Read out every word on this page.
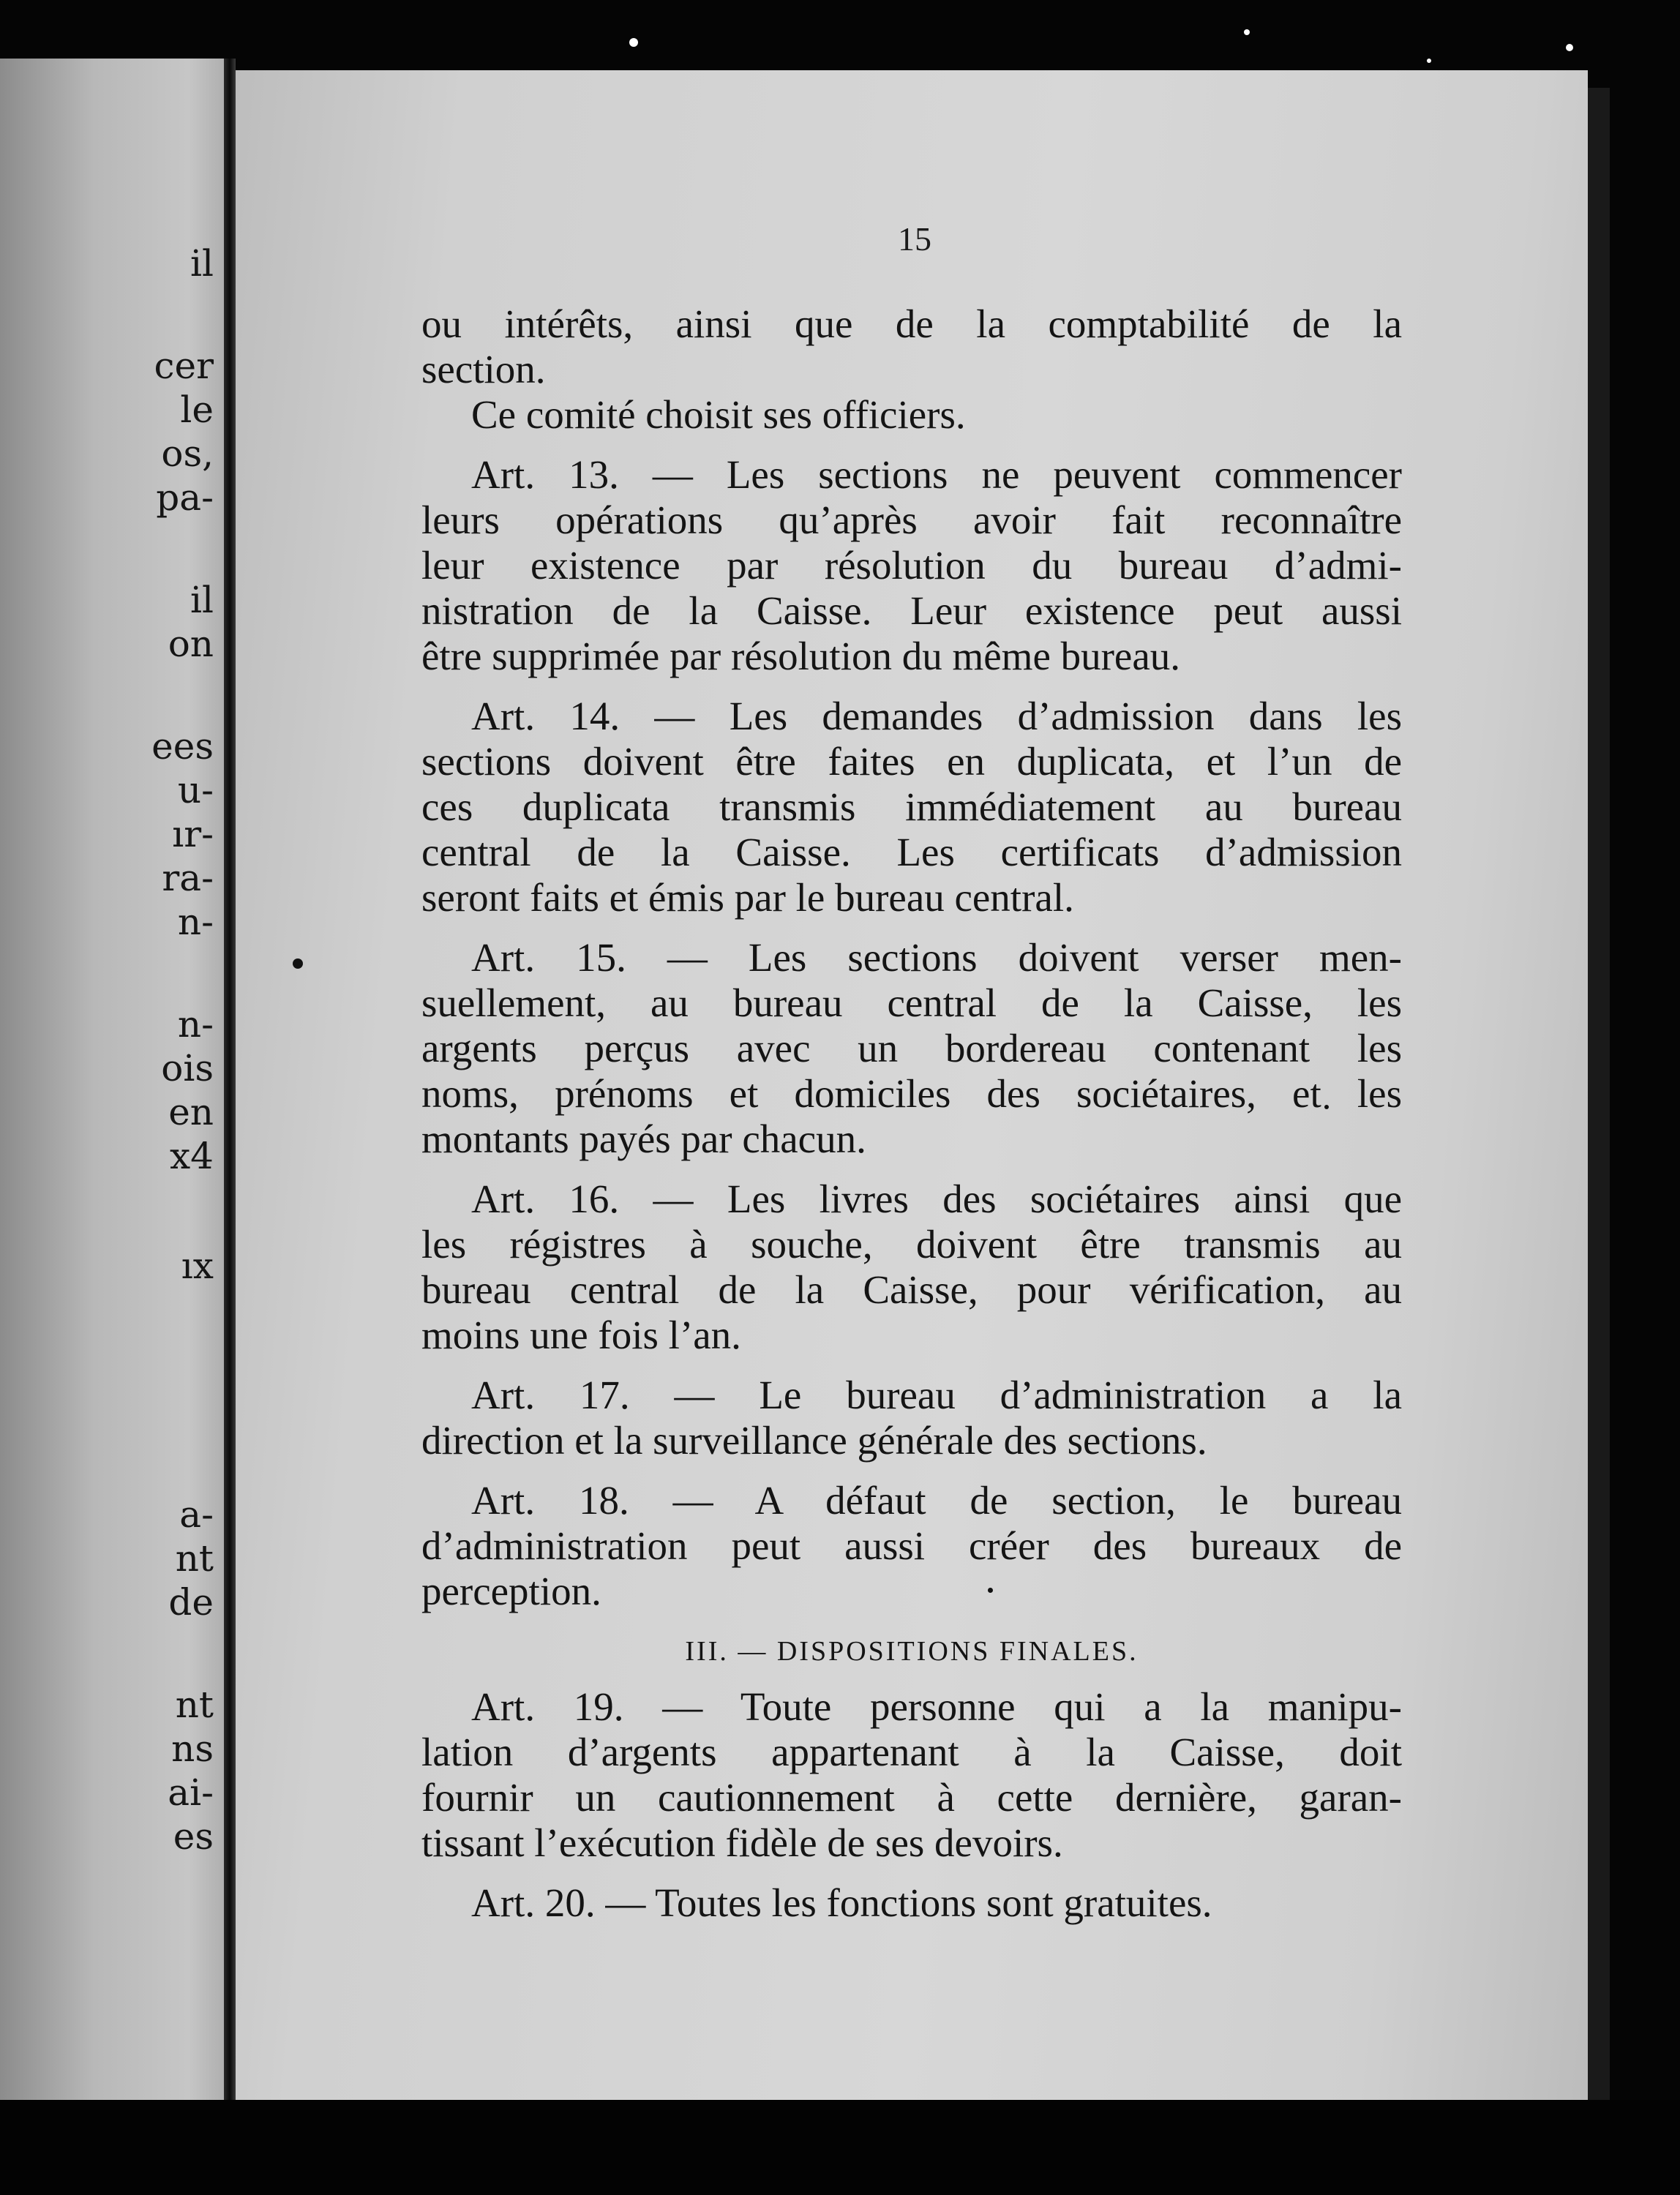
il
cer
le
os,
pa-
il
on
ees
u-
ır-
ra-
n-
n-
ois
en
x4
ıx
a-
nt
de
nt
ns
ai-
es
15
ou intérêts, ainsi que de la comptabilité de la
section.
Ce comité choisit ses officiers.
Art. 13. — Les sections ne peuvent commencer
leurs opérations qu’après avoir fait reconnaître
leur existence par résolution du bureau d’admi-
nistration de la Caisse. Leur existence peut aussi
être supprimée par résolution du même bureau.
Art. 14. — Les demandes d’admission dans les
sections doivent être faites en duplicata, et l’un de
ces duplicata transmis immédiatement au bureau
central de la Caisse. Les certificats d’admission
seront faits et émis par le bureau central.
Art. 15. — Les sections doivent verser men-
suellement, au bureau central de la Caisse, les
argents perçus avec un bordereau contenant les
noms, prénoms et domiciles des sociétaires, et les
montants payés par chacun.
Art. 16. — Les livres des sociétaires ainsi que
les régistres à souche, doivent être transmis au
bureau central de la Caisse, pour vérification, au
moins une fois l’an.
Art. 17. — Le bureau d’administration a la
direction et la surveillance générale des sections.
Art. 18. — A défaut de section, le bureau
d’administration peut aussi créer des bureaux de
perception.
III. — DISPOSITIONS FINALES.
Art. 19. — Toute personne qui a la manipu-
lation d’argents appartenant à la Caisse, doit
fournir un cautionnement à cette dernière, garan-
tissant l’exécution fidèle de ses devoirs.
Art. 20. — Toutes les fonctions sont gratuites.
